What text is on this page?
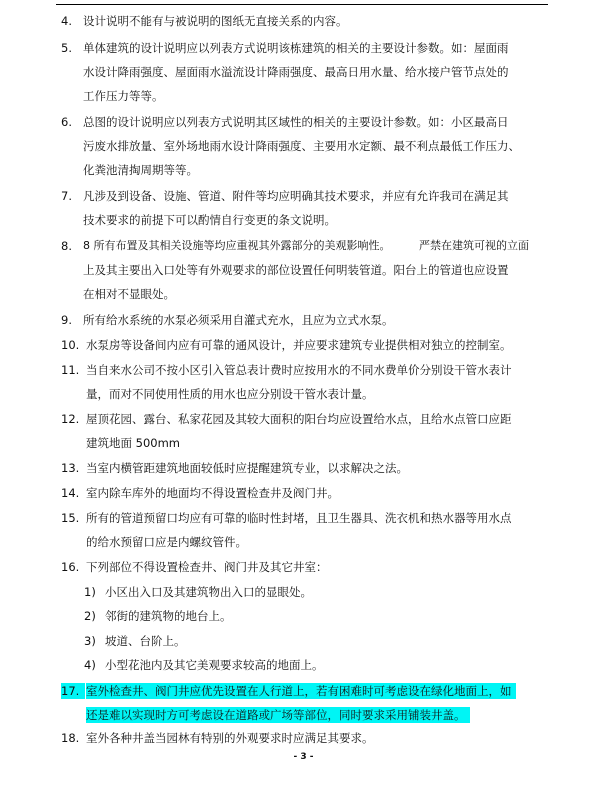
4. 设计说明不能有与被说明的图纸无直接关系的内容。
5. 单体建筑的设计说明应以列表方式说明该栋建筑的相关的主要设计参数。如：屋面雨
水设计降雨强度、屋面雨水溢流设计降雨强度、最高日用水量、给水接户管节点处的
工作压力等等。
6. 总图的设计说明应以列表方式说明其区域性的相关的主要设计参数。如：小区最高日
污废水排放量、室外场地雨水设计降雨强度、主要用水定额、最不利点最低工作压力、
化粪池清掏周期等等。
7. 凡涉及到设备、设施、管道、附件等均应明确其技术要求，并应有允许我司在满足其
技术要求的前提下可以酌情自行变更的条文说明。
8. 8 所有布置及其相关设施等均应重视其外露部分的美观影响性。	严禁在建筑可视的立面
上及其主要出入口处等有外观要求的部位设置任何明装管道。阳台上的管道也应设置
在相对不显眼处。
9. 所有给水系统的水泵必须采用自灌式充水，且应为立式水泵。
10. 水泵房等设备间内应有可靠的通风设计，并应要求建筑专业提供相对独立的控制室。
11. 当自来水公司不按小区引入管总表计费时应按用水的不同水费单价分别设干管水表计
量，而对不同使用性质的用水也应分别设干管水表计量。
12. 屋顶花园、露台、私家花园及其较大面积的阳台均应设置给水点，且给水点管口应距
建筑地面 500mm
13. 当室内横管距建筑地面较低时应提醒建筑专业，以求解决之法。
14. 室内除车库外的地面均不得设置检查井及阀门井。
15. 所有的管道预留口均应有可靠的临时性封堵，且卫生器具、洗衣机和热水器等用水点
的给水预留口应是内螺纹管件。
16. 下列部位不得设置检查井、阀门井及其它井室：
1) 小区出入口及其建筑物出入口的显眼处。
2) 邻街的建筑物的地台上。
3) 坡道、台阶上。
4) 小型花池内及其它美观要求较高的地面上。
17. 室外检查井、阀门井应优先设置在人行道上，若有困难时可考虑设在绿化地面上，如
还是难以实现时方可考虑设在道路或广场等部位，同时要求采用铺装井盖。
18. 室外各种井盖当园林有特别的外观要求时应满足其要求。
- 3 -
